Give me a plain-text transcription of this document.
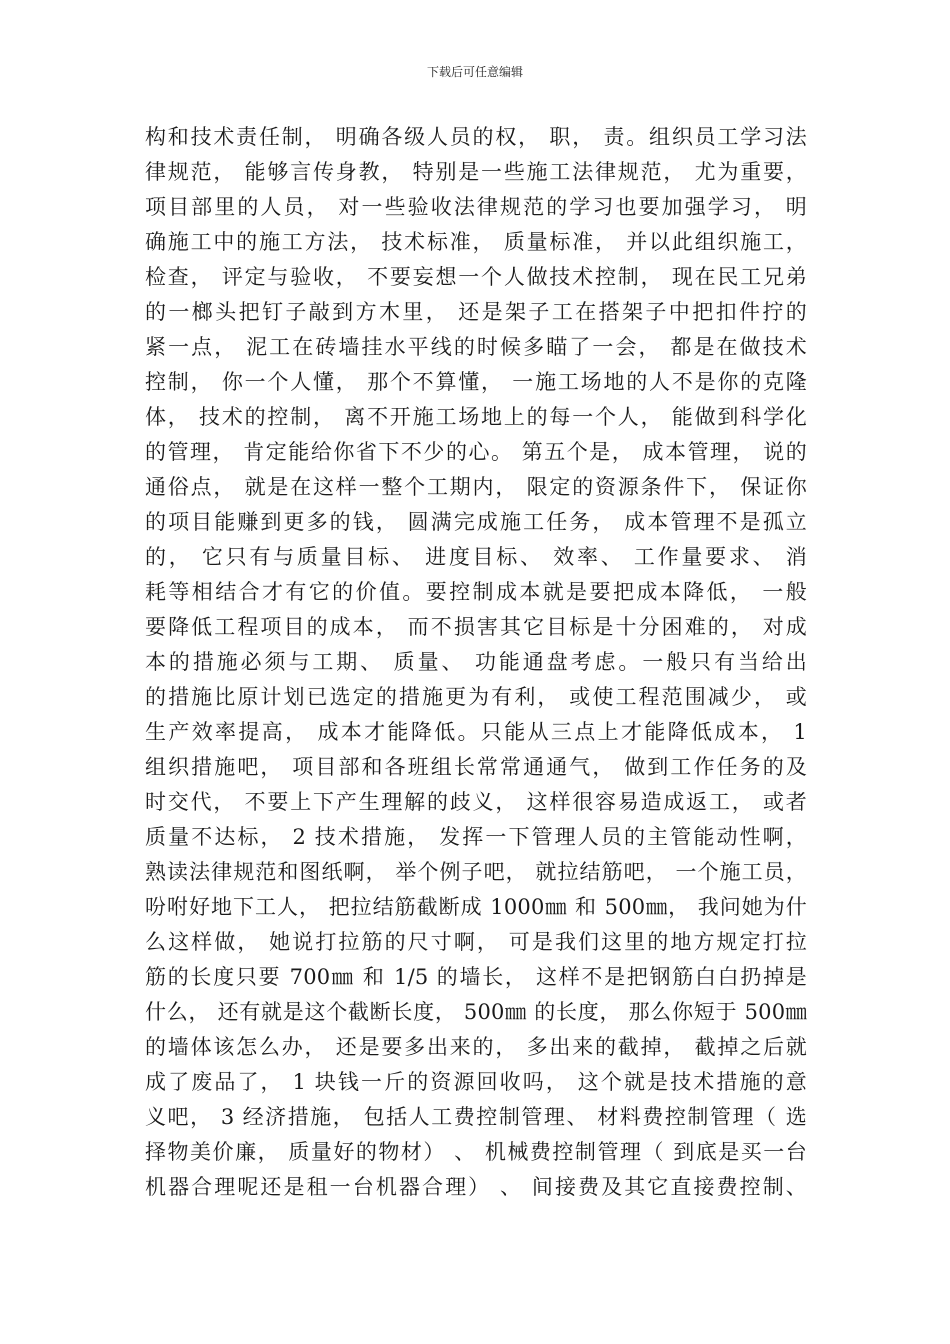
下载后可任意编辑
构和技术责任制， 明确各级人员的权， 职， 责。组织员工学习法
律规范， 能够言传身教， 特别是一些施工法律规范， 尤为重要，
项目部里的人员， 对一些验收法律规范的学习也要加强学习， 明
确施工中的施工方法， 技术标准， 质量标准， 并以此组织施工，
检查， 评定与验收， 不要妄想一个人做技术控制， 现在民工兄弟
的一榔头把钉子敲到方木里， 还是架子工在搭架子中把扣件拧的
紧一点， 泥工在砖墙挂水平线的时候多瞄了一会， 都是在做技术
控制， 你一个人懂， 那个不算懂， 一施工场地的人不是你的克隆
体， 技术的控制， 离不开施工场地上的每一个人， 能做到科学化
的管理， 肯定能给你省下不少的心。 第五个是， 成本管理， 说的
通俗点， 就是在这样一整个工期内， 限定的资源条件下， 保证你
的项目能赚到更多的钱， 圆满完成施工任务， 成本管理不是孤立
的， 它只有与质量目标、 进度目标、 效率、 工作量要求、 消
耗等相结合才有它的价值。要控制成本就是要把成本降低， 一般
要降低工程项目的成本， 而不损害其它目标是十分困难的， 对成
本的措施必须与工期、 质量、 功能通盘考虑。一般只有当给出
的措施比原计划已选定的措施更为有利， 或使工程范围减少， 或
生产效率提高， 成本才能降低。只能从三点上才能降低成本， 1
组织措施吧， 项目部和各班组长常常通通气， 做到工作任务的及
时交代， 不要上下产生理解的歧义， 这样很容易造成返工， 或者
质量不达标， 2 技术措施， 发挥一下管理人员的主管能动性啊，
熟读法律规范和图纸啊， 举个例子吧， 就拉结筋吧， 一个施工员，
吩咐好地下工人， 把拉结筋截断成 1000㎜ 和 500㎜， 我问她为什
么这样做， 她说打拉筋的尺寸啊， 可是我们这里的地方规定打拉
筋的长度只要 700㎜ 和 1/5 的墙长， 这样不是把钢筋白白扔掉是
什么， 还有就是这个截断长度， 500㎜ 的长度， 那么你短于 500㎜
的墙体该怎么办， 还是要多出来的， 多出来的截掉， 截掉之后就
成了废品了， 1 块钱一斤的资源回收吗， 这个就是技术措施的意
义吧， 3 经济措施， 包括人工费控制管理、 材料费控制管理（ 选
择物美价廉， 质量好的物材） 、 机械费控制管理（ 到底是买一台
机器合理呢还是租一台机器合理） 、 间接费及其它直接费控制、
